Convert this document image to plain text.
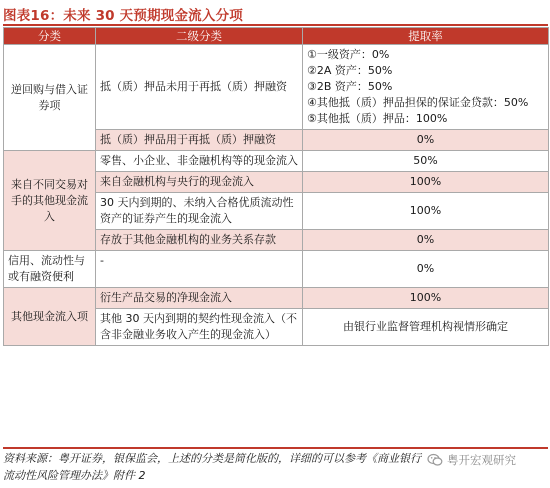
图表16：未来 30 天预期现金流入分项
分类	二级分类	提取率
逆回购与借入证券项	抵（质）押品未用于再抵（质）押融资	①一级资产：0%
②2A 资产：50%
③2B 资产：50%
④其他抵（质）押品担保的保证金贷款：50%
⑤其他抵（质）押品：100%

	抵（质）押品用于再抵（质）押融资	0%
来自不同交易对手的其他现金流入	零售、小企业、非金融机构等的现金流入	50%
	来自金融机构与央行的现金流入	100%
	30 天内到期的、未纳入合格优质流动性资产的证券产生的现金流入	100%
	存放于其他金融机构的业务关系存款	0%
信用、流动性与或有融资便利	-	0%
其他现金流入项	衍生产品交易的净现金流入	100%
	其他 30 天内到期的契约性现金流入（不含非金融业务收入产生的现金流入）	由银行业监督管理机构视情形确定
资料来源：粤开证券，银保监会，上述的分类是简化版的，详细的可以参考《商业银行流动性风险管理办法》附件 2
粤开宏观研究
